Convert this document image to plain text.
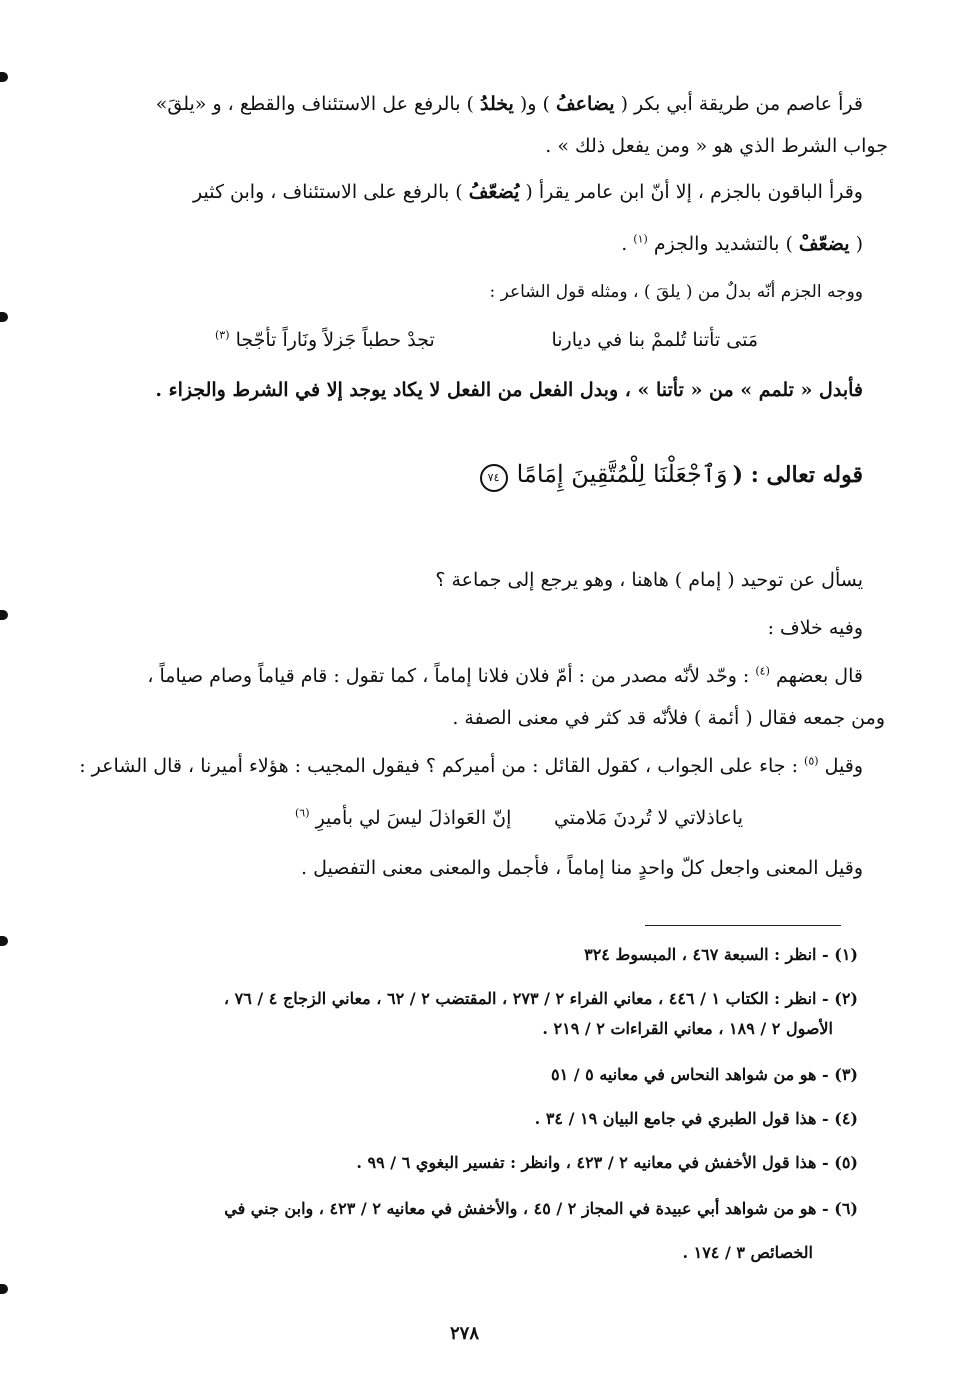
قرأ عاصم من طريقة أبي بكر ( يضاعفُ ) و( يخلدُ ) بالرفع عل الاستئناف والقطع ، و «يلقَ»
جواب الشرط الذي هو « ومن يفعل ذلك » .
وقرأ الباقون بالجزم ، إلا أنّ ابن عامر يقرأ ( يُضعّفُ ) بالرفع على الاستئناف ، وابن كثير
( يضعّفْ ) بالتشديد والجزم $^{(١)}$ .
ووجه الجزم أنّه بدلٌ من ( يلقَ ) ، ومثله قول الشاعر :
مَتى تأتنا تُلممْ بنا في ديارنا
تجدْ حطباً جَزلاً ونَاراً تأجّجا $^{(٣)}$
فأبدل « تلمم » من « تأتنا » ، وبدل الفعل من الفعل لا يكاد يوجد إلا في الشرط والجزاء .
قوله تعالى : ( وَٱجْعَلْنَا لِلْمُتَّقِينَ إِمَامًا ٧٤
يسأل عن توحيد ( إمام ) هاهنا ، وهو يرجع إلى جماعة ؟
وفيه خلاف :
قال بعضهم $^{(٤)}$ : وحّد لأنّه مصدر من : أمّ فلان فلانا إماماً ، كما تقول : قام قياماً وصام صياماً ،
ومن جمعه فقال ( أئمة ) فلأنّه قد كثر في معنى الصفة .
وقيل $^{(٥)}$ : جاء على الجواب ، كقول القائل : من أميركم ؟ فيقول المجيب : هؤلاء أميرنا ، قال الشاعر :
ياعاذلاتي لا تُردنَ مَلامتي
إنّ العَواذلَ ليسَ لي بأميرِ $^{(٦)}$
وقيل المعنى واجعل كلّ واحدٍ منا إماماً ، فأجمل والمعنى معنى التفصيل .
(١) - انظر : السبعة ٤٦٧ ، المبسوط ٣٢٤
(٢) - انظر : الكتاب ١ / ٤٤٦ ، معاني الفراء ٢ / ٢٧٣ ، المقتضب ٢ / ٦٢ ، معاني الزجاج ٤ / ٧٦ ،
الأصول ٢ / ١٨٩ ، معاني القراءات ٢ / ٢١٩ .
(٣) - هو من شواهد النحاس في معانيه ٥ / ٥١
(٤) - هذا قول الطبري في جامع البيان ١٩ / ٣٤ .
(٥) - هذا قول الأخفش في معانيه ٢ / ٤٢٣ ، وانظر : تفسير البغوي ٦ / ٩٩ .
(٦) - هو من شواهد أبي عبيدة في المجاز ٢ / ٤٥ ، والأخفش في معانيه ٢ / ٤٢٣ ، وابن جني في
الخصائص ٣ / ١٧٤ .
٢٧٨
